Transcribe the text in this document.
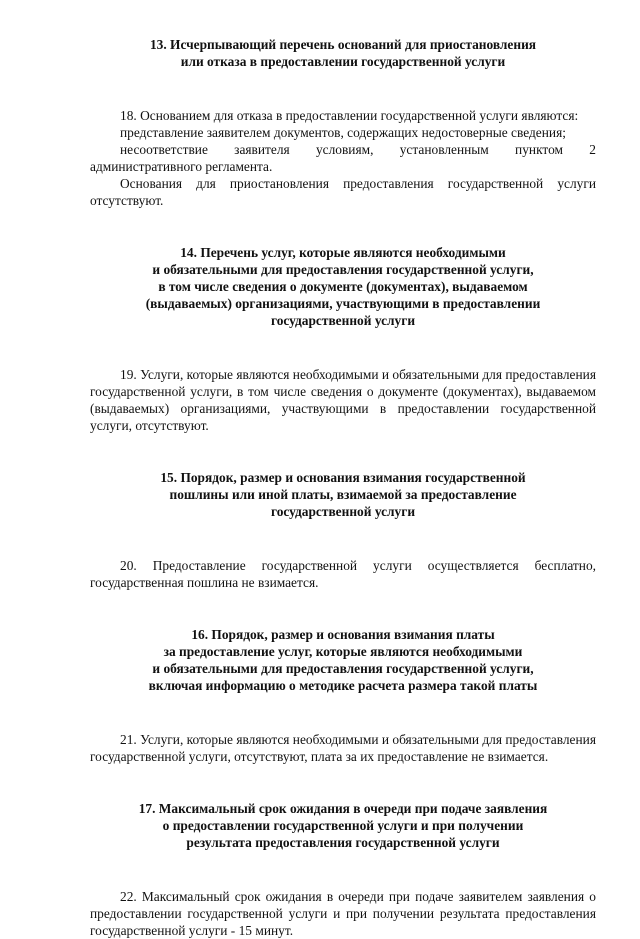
13. Исчерпывающий перечень оснований для приостановления
или отказа в предоставлении государственной услуги

18. Основанием для отказа в предоставлении государственной услуги являются:

представление заявителем документов, содержащих недостоверные сведения;

несоответствие заявителя условиям, установленным пунктом 2 административного регламента.

Основания для приостановления предоставления государственной услуги отсутствуют.

14. Перечень услуг, которые являются необходимыми
и обязательными для предоставления государственной услуги,
в том числе сведения о документе (документах), выдаваемом
(выдаваемых) организациями, участвующими в предоставлении
государственной услуги

19. Услуги, которые являются необходимыми и обязательными для предоставления государственной услуги, в том числе сведения о документе (документах), выдаваемом (выдаваемых) организациями, участвующими в предоставлении государственной услуги, отсутствуют.

15. Порядок, размер и основания взимания государственной
пошлины или иной платы, взимаемой за предоставление
государственной услуги

20. Предоставление государственной услуги осуществляется бесплатно, государственная пошлина не взимается.

16. Порядок, размер и основания взимания платы
за предоставление услуг, которые являются необходимыми
и обязательными для предоставления государственной услуги,
включая информацию о методике расчета размера такой платы

21. Услуги, которые являются необходимыми и обязательными для предоставления государственной услуги, отсутствуют, плата за их предоставление не взимается.

17. Максимальный срок ожидания в очереди при подаче заявления
о предоставлении государственной услуги и при получении
результата предоставления государственной услуги

22. Максимальный срок ожидания в очереди при подаче заявителем заявления о предоставлении государственной услуги и при получении результата предоставления государственной услуги - 15 минут.
